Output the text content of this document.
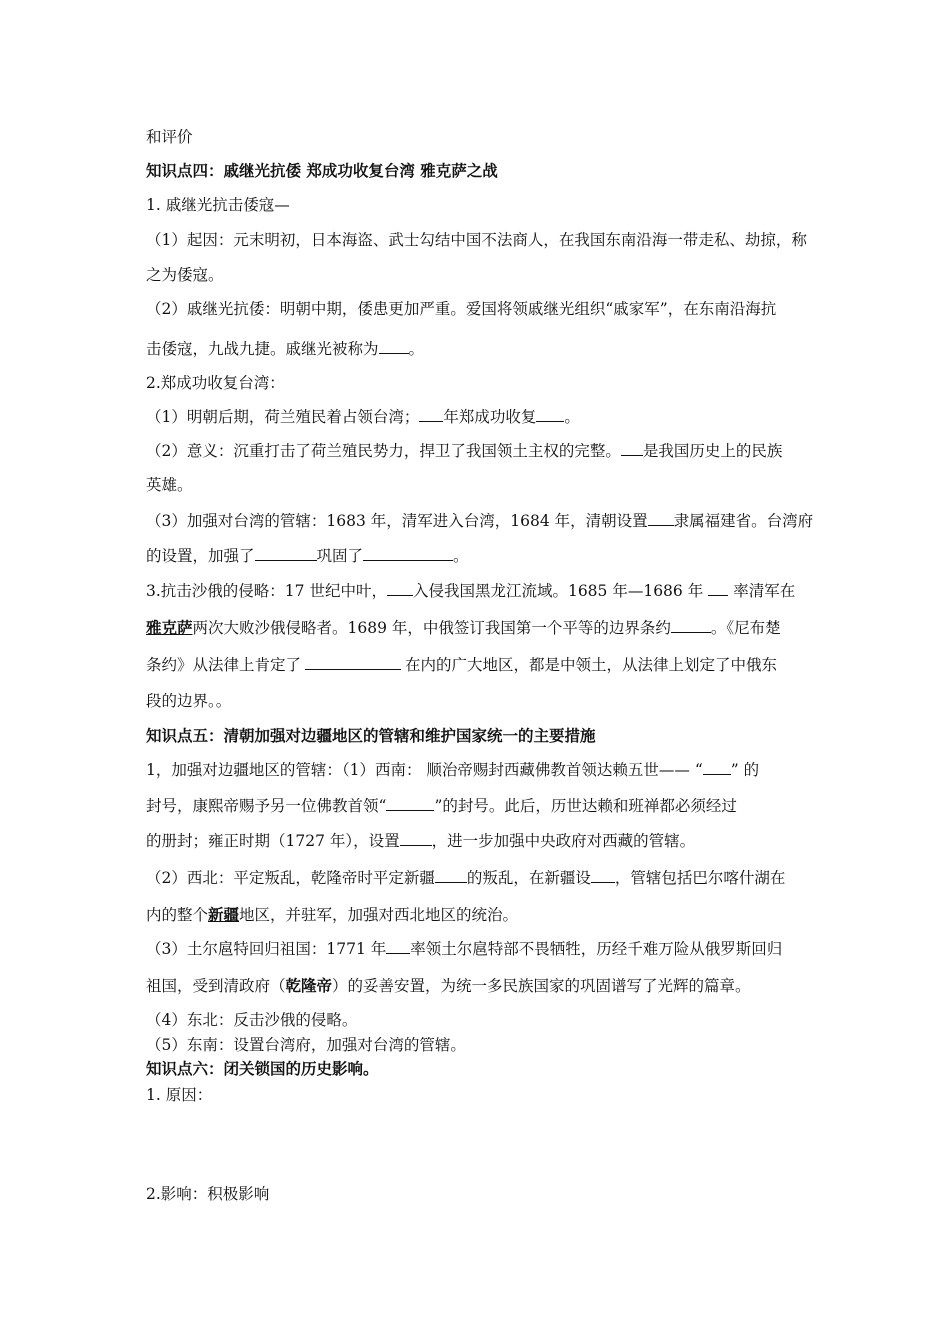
和评价
知识点四：戚继光抗倭 郑成功收复台湾 雅克萨之战
1. 戚继光抗击倭寇—
（1）起因：元末明初，日本海盗、武士勾结中国不法商人，在我国东南沿海一带走私、劫掠，称
之为倭寇。
（2）戚继光抗倭：明朝中期，倭患更加严重。爱国将领戚继光组织“戚家军”，在东南沿海抗
击倭寇，九战九捷。戚继光被称为 。
2.郑成功收复台湾：
（1）明朝后期，荷兰殖民着占领台湾； 年郑成功收复 。
（2）意义：沉重打击了荷兰殖民势力，捍卫了我国领土主权的完整。 是我国历史上的民族
英雄。
（3）加强对台湾的管辖：1683 年，清军进入台湾，1684 年，清朝设置 隶属福建省。台湾府
的设置，加强了	巩固了	。
3.抗击沙俄的侵略：17 世纪中叶， 入侵我国黑龙江流域。1685 年—1686 年 率清军在
雅克萨两次大败沙俄侵略者。1689 年，中俄签订我国第一个平等的边界条约	。《尼布楚
条约》从法律上肯定了	在内的广大地区，都是中领土，从法律上划定了中俄东
段的边界。。
知识点五：清朝加强对边疆地区的管辖和维护国家统一的主要措施
1，加强对边疆地区的管辖：（1）西南： 顺治帝赐封西藏佛教首领达赖五世—— “ ” 的
封号，康熙帝赐予另一位佛教首领“	”的封号。此后，历世达赖和班禅都必须经过
的册封；雍正时期（1727 年），设置 ，进一步加强中央政府对西藏的管辖。
（2）西北：平定叛乱，乾隆帝时平定新疆 的叛乱，在新疆设 ，管辖包括巴尔喀什湖在
内的整个新疆地区，并驻军，加强对西北地区的统治。
（3）土尔扈特回归祖国：1771 年 率领土尔扈特部不畏牺牲，历经千难万险从俄罗斯回归
祖国，受到清政府（乾隆帝）的妥善安置，为统一多民族国家的巩固谱写了光辉的篇章。
（4）东北：反击沙俄的侵略。
（5）东南：设置台湾府，加强对台湾的管辖。
知识点六：闭关锁国的历史影响。
1. 原因：
2.影响：积极影响
